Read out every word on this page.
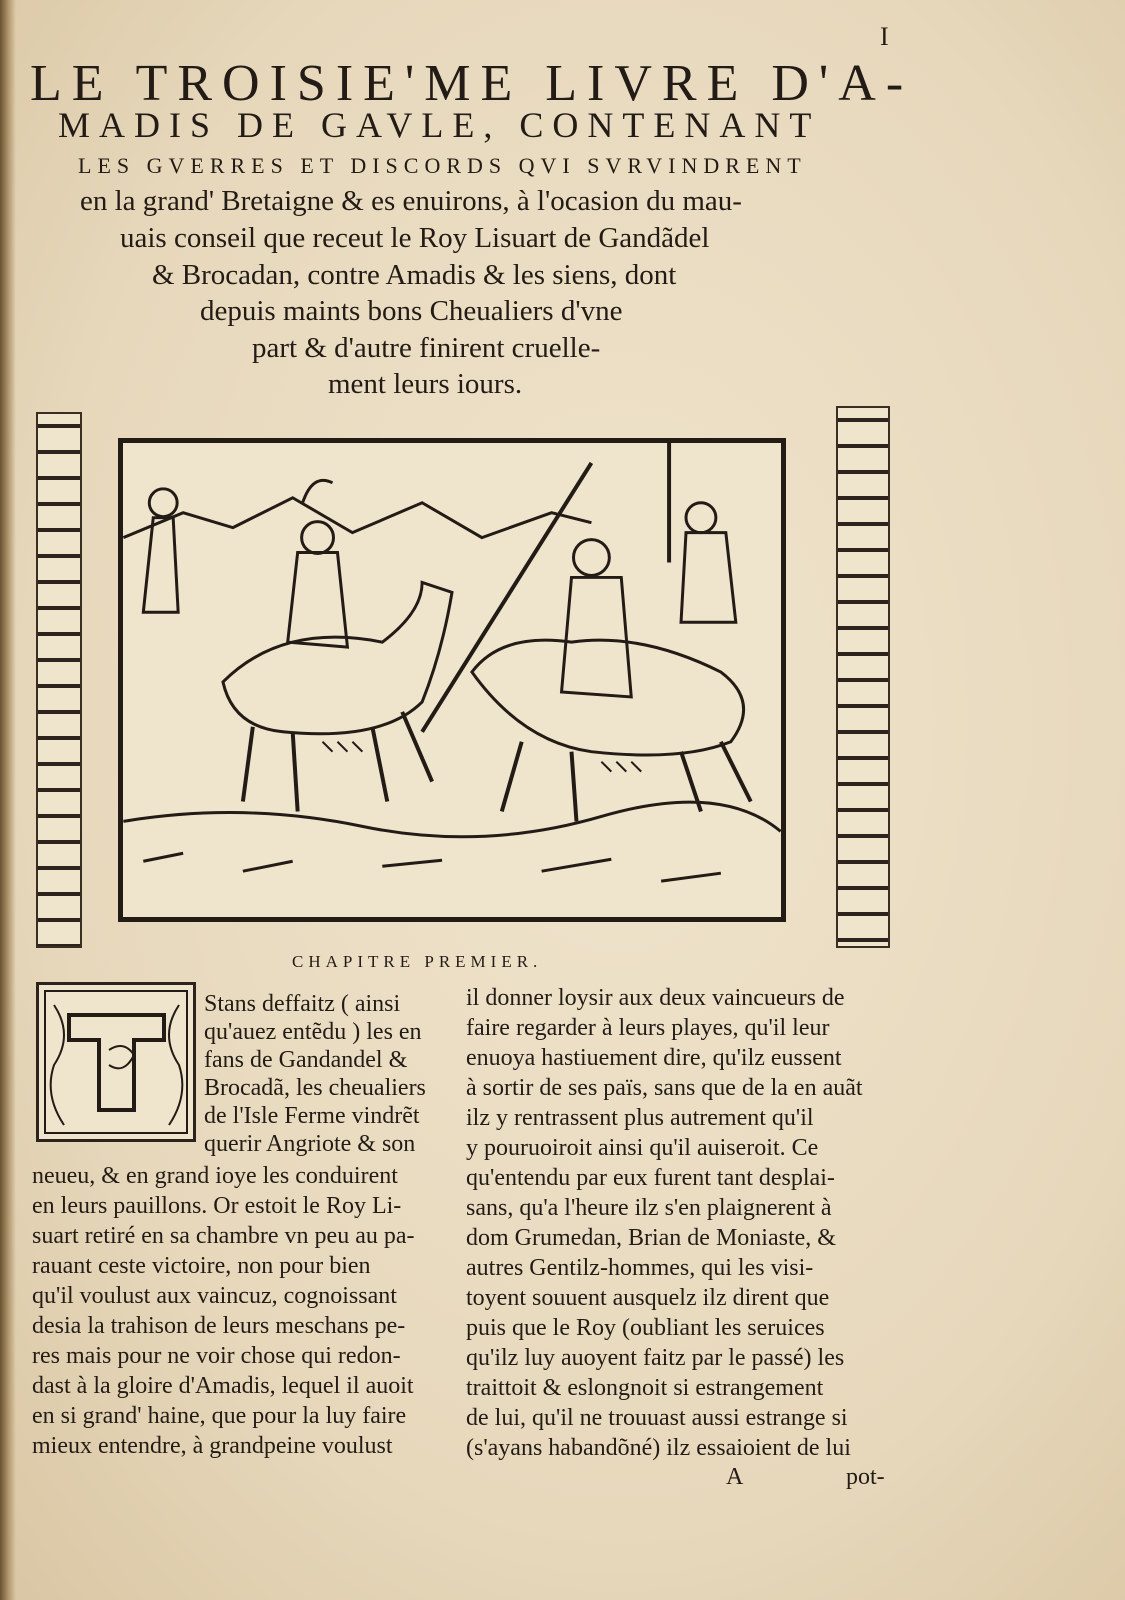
I
LE TROISIE'ME LIVRE D'A-
MADIS DE GAVLE, CONTENANT
LES GVERRES ET DISCORDS QVI SVRVINDRENT
en la grand' Bretaigne & es enuirons, à l'ocasion du mau-
uais conseil que receut le Roy Lisuart de Gandãdel
& Brocadan, contre Amadis & les siens, dont
depuis maints bons Cheualiers d'vne
part & d'autre finirent cruelle-
ment leurs iours.
CHAPITRE PREMIER.
Stans deffaitz ( ainsi
qu'auez entẽdu ) les en
fans de Gandandel &
Brocadã, les cheualiers
de l'Isle Ferme vindrẽt
querir Angriote & son
neueu, & en grand ioye les conduirent
en leurs pauillons. Or estoit le Roy Li-
suart retiré en sa chambre vn peu au pa-
rauant ceste victoire, non pour bien
qu'il voulust aux vaincuz, cognoissant
desia la trahison de leurs meschans pe-
res mais pour ne voir chose qui redon-
dast à la gloire d'Amadis, lequel il auoit
en si grand' haine, que pour la luy faire
mieux entendre, à grandpeine voulust
il donner loysir aux deux vaincueurs de
faire regarder à leurs playes, qu'il leur
enuoya hastiuement dire, qu'ilz eussent
à sortir de ses païs, sans que de la en auãt
ilz y rentrassent plus autrement qu'il
y pouruoiroit ainsi qu'il auiseroit. Ce
qu'entendu par eux furent tant desplai-
sans, qu'a l'heure ilz s'en plaignerent à
dom Grumedan, Brian de Moniaste, &
autres Gentilz-hommes, qui les visi-
toyent souuent ausquelz ilz dirent que
puis que le Roy (oubliant les seruices
qu'ilz luy auoyent faitz par le passé) les
traittoit & eslongnoit si estrangement
de lui, qu'il ne trouuast aussi estrange si
(s'ayans habandõné) ilz essaioient de lui
A	pot-
